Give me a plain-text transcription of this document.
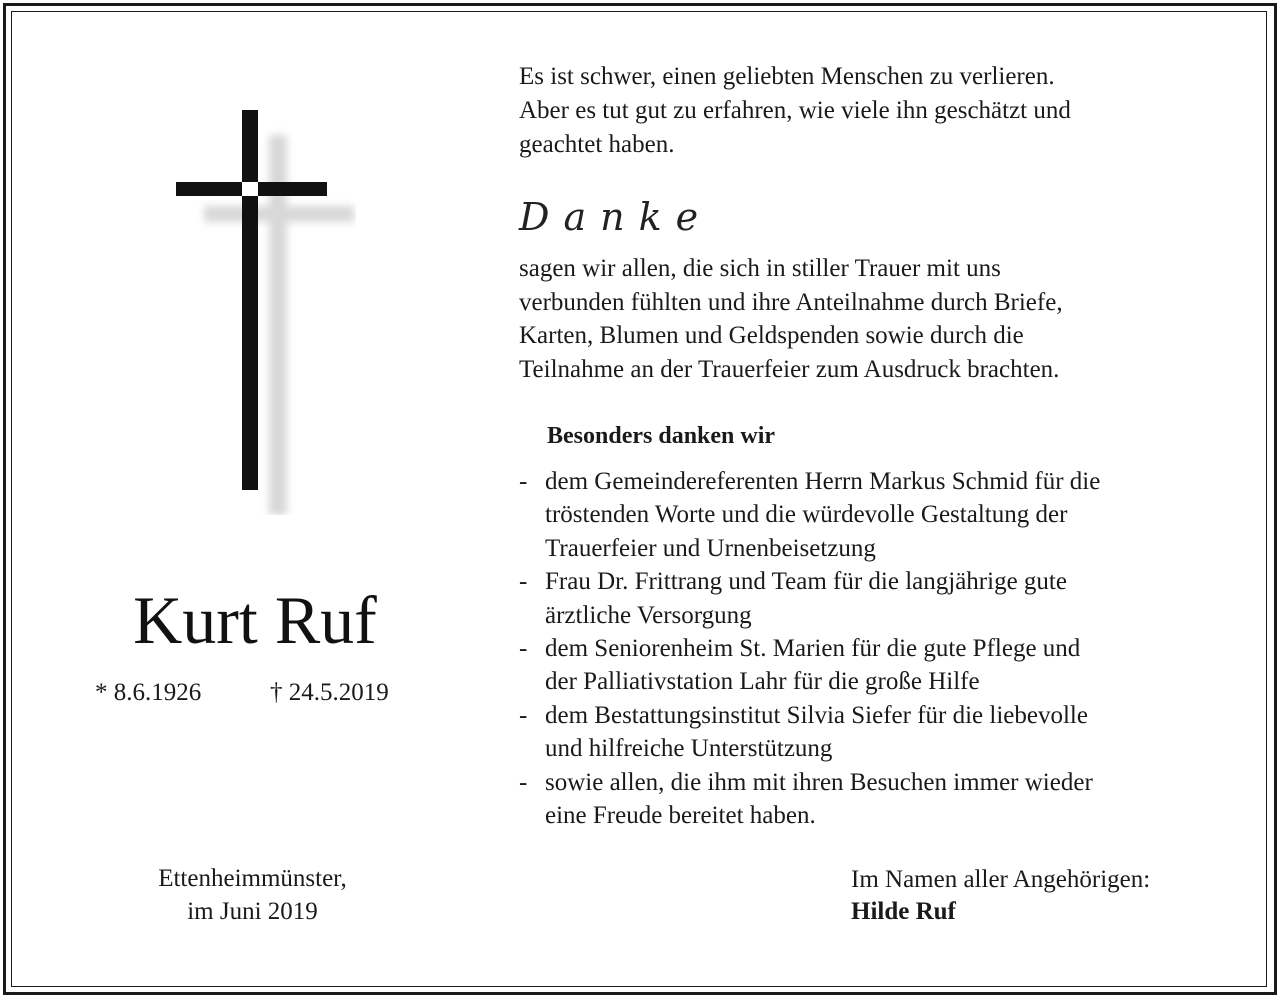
Kurt Ruf
* 8.6.1926	† 24.5.2019
Ettenheimmünster,
im Juni 2019

Es ist schwer, einen geliebten Menschen zu verlieren.

Aber es tut gut zu erfahren, wie viele ihn geschätzt und

geachtet haben.

Danke

sagen wir allen, die sich in stiller Trauer mit uns

verbunden fühlten und ihre Anteilnahme durch Briefe,

Karten, Blumen und Geldspenden sowie durch die

Teilnahme an der Trauerfeier zum Ausdruck brachten.

Besonders danken wir
- dem Gemeindereferenten Herrn Markus Schmid für die
tröstenden Worte und die würdevolle Gestaltung der
Trauerfeier und Urnenbeisetzung
- Frau Dr. Frittrang und Team für die langjährige gute
ärztliche Versorgung
- dem Seniorenheim St. Marien für die gute Pflege und
der Palliativstation Lahr für die große Hilfe
- dem Bestattungsinstitut Silvia Siefer für die liebevolle
und hilfreiche Unterstützung
- sowie allen, die ihm mit ihren Besuchen immer wieder
eine Freude bereitet haben.
Im Namen aller Angehörigen:
Hilde Ruf
